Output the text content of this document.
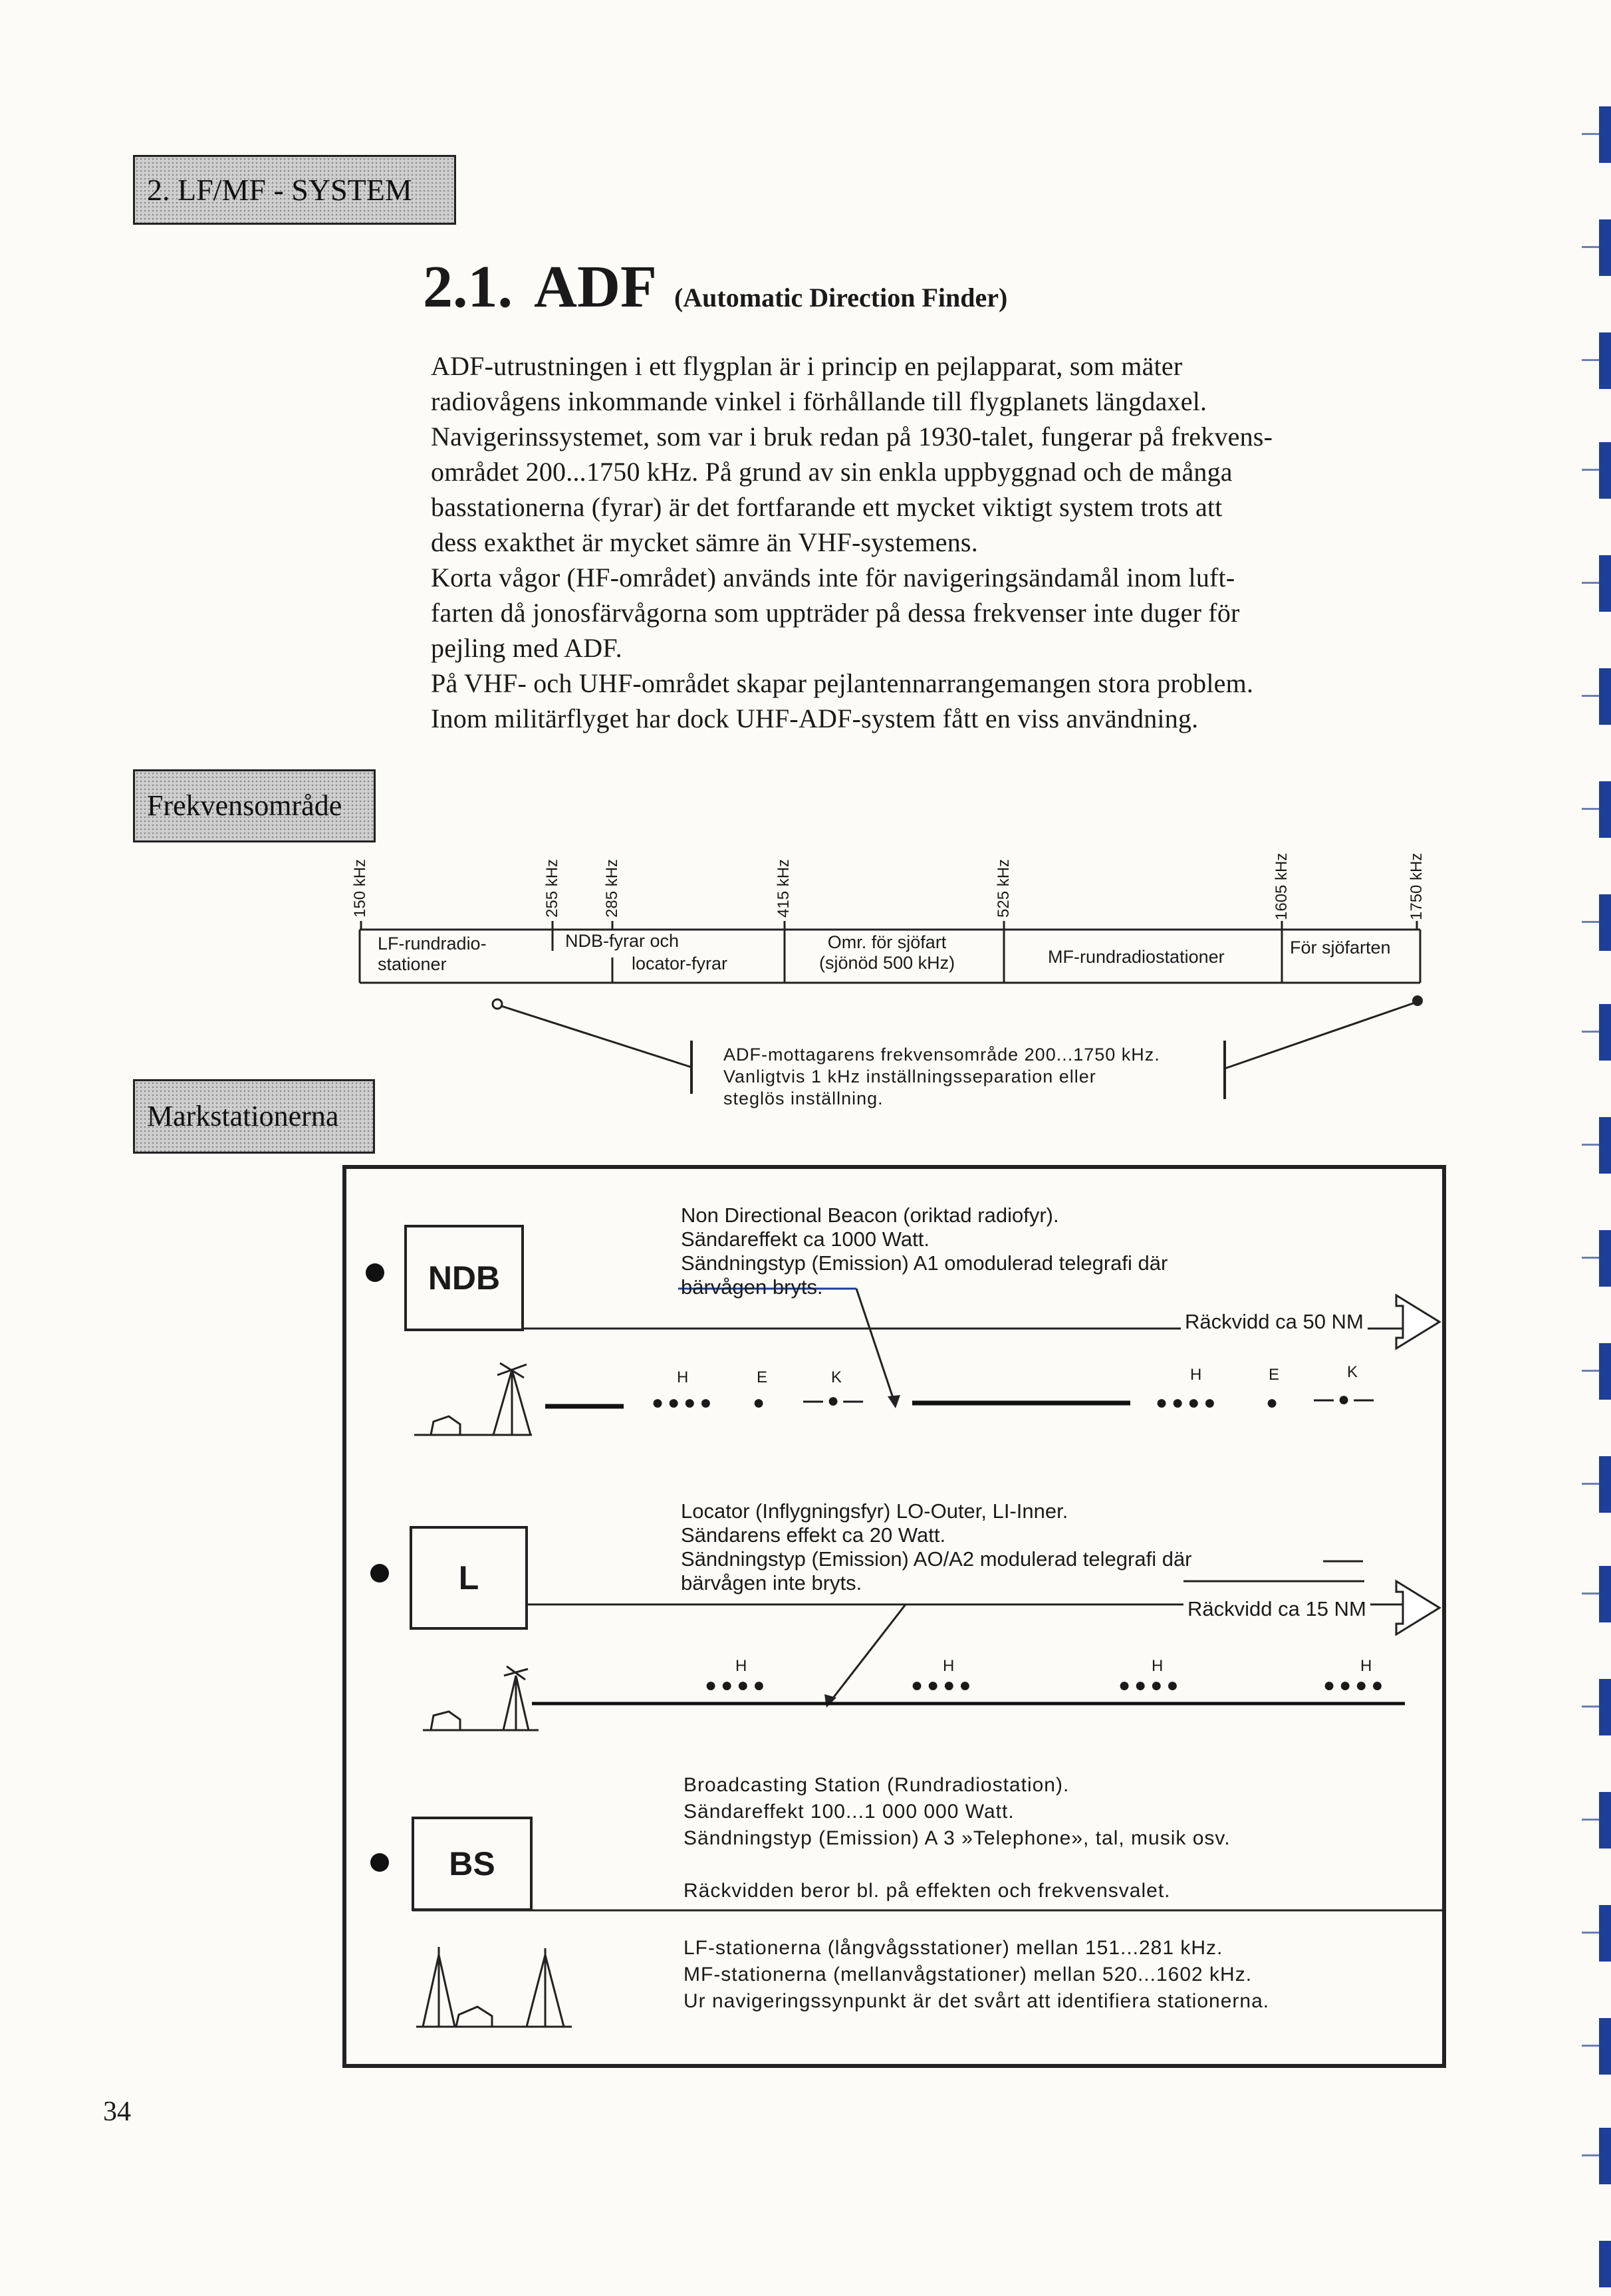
2. LF/MF - SYSTEM
2.1. ADF (Automatic Direction Finder)
ADF-utrustningen i ett flygplan är i princip en pejlapparat, som mäter
radiovågens inkommande vinkel i förhållande till flygplanets längdaxel.
Navigerinssystemet, som var i bruk redan på 1930-talet, fungerar på frekvens-
området 200...1750 kHz. På grund av sin enkla uppbyggnad och de många
basstationerna (fyrar) är det fortfarande ett mycket viktigt system trots att
dess exakthet är mycket sämre än VHF-systemens.
Korta vågor (HF-området) används inte för navigeringsändamål inom luft-
farten då jonosfärvågorna som uppträder på dessa frekvenser inte duger för
pejling med ADF.
På VHF- och UHF-området skapar pejlantennarrangemangen stora problem.
Inom militärflyget har dock UHF-ADF-system fått en viss användning.
Frekvensområde
150 kHz	255 kHz	285 kHz	415 kHz	525 kHz	1605 kHz	1750 kHz
LF-rundradio-
stationer
NDB-fyrar och
locator-fyrar
Omr. för sjöfart
(sjönöd 500 kHz)	MF-rundradiostationer	För sjöfarten
ADF-mottagarens frekvensområde 200...1750 kHz.
Vanligtvis 1 kHz inställningsseparation eller
steglös inställning.
Markstationerna
NDB
Non Directional Beacon (oriktad radiofyr).
Sändareffekt ca 1000 Watt.
Sändningstyp (Emission) A1 omodulerad telegrafi där
bärvågen bryts.
Räckvidd ca 50 NM
H	E	K	H	E	K
●●●● ● —●—	●●●● ● —●—
L
Locator (Inflygningsfyr) LO-Outer, LI-Inner.
Sändarens effekt ca 20 Watt.
Sändningstyp (Emission) AO/A2 modulerad telegrafi där
bärvågen inte bryts.
Räckvidd ca 15 NM
H	H	H	H
●●●●	●●●●	●●●●	●●●●
BS
Broadcasting Station (Rundradiostation).
Sändareffekt 100...1 000 000 Watt.
Sändningstyp (Emission) A 3 »Telephone», tal, musik osv.
Räckvidden beror bl. på effekten och frekvensvalet.
LF-stationerna (långvågsstationer) mellan 151...281 kHz.
MF-stationerna (mellanvågstationer) mellan 520...1602 kHz.
Ur navigeringssynpunkt är det svårt att identifiera stationerna.
34
